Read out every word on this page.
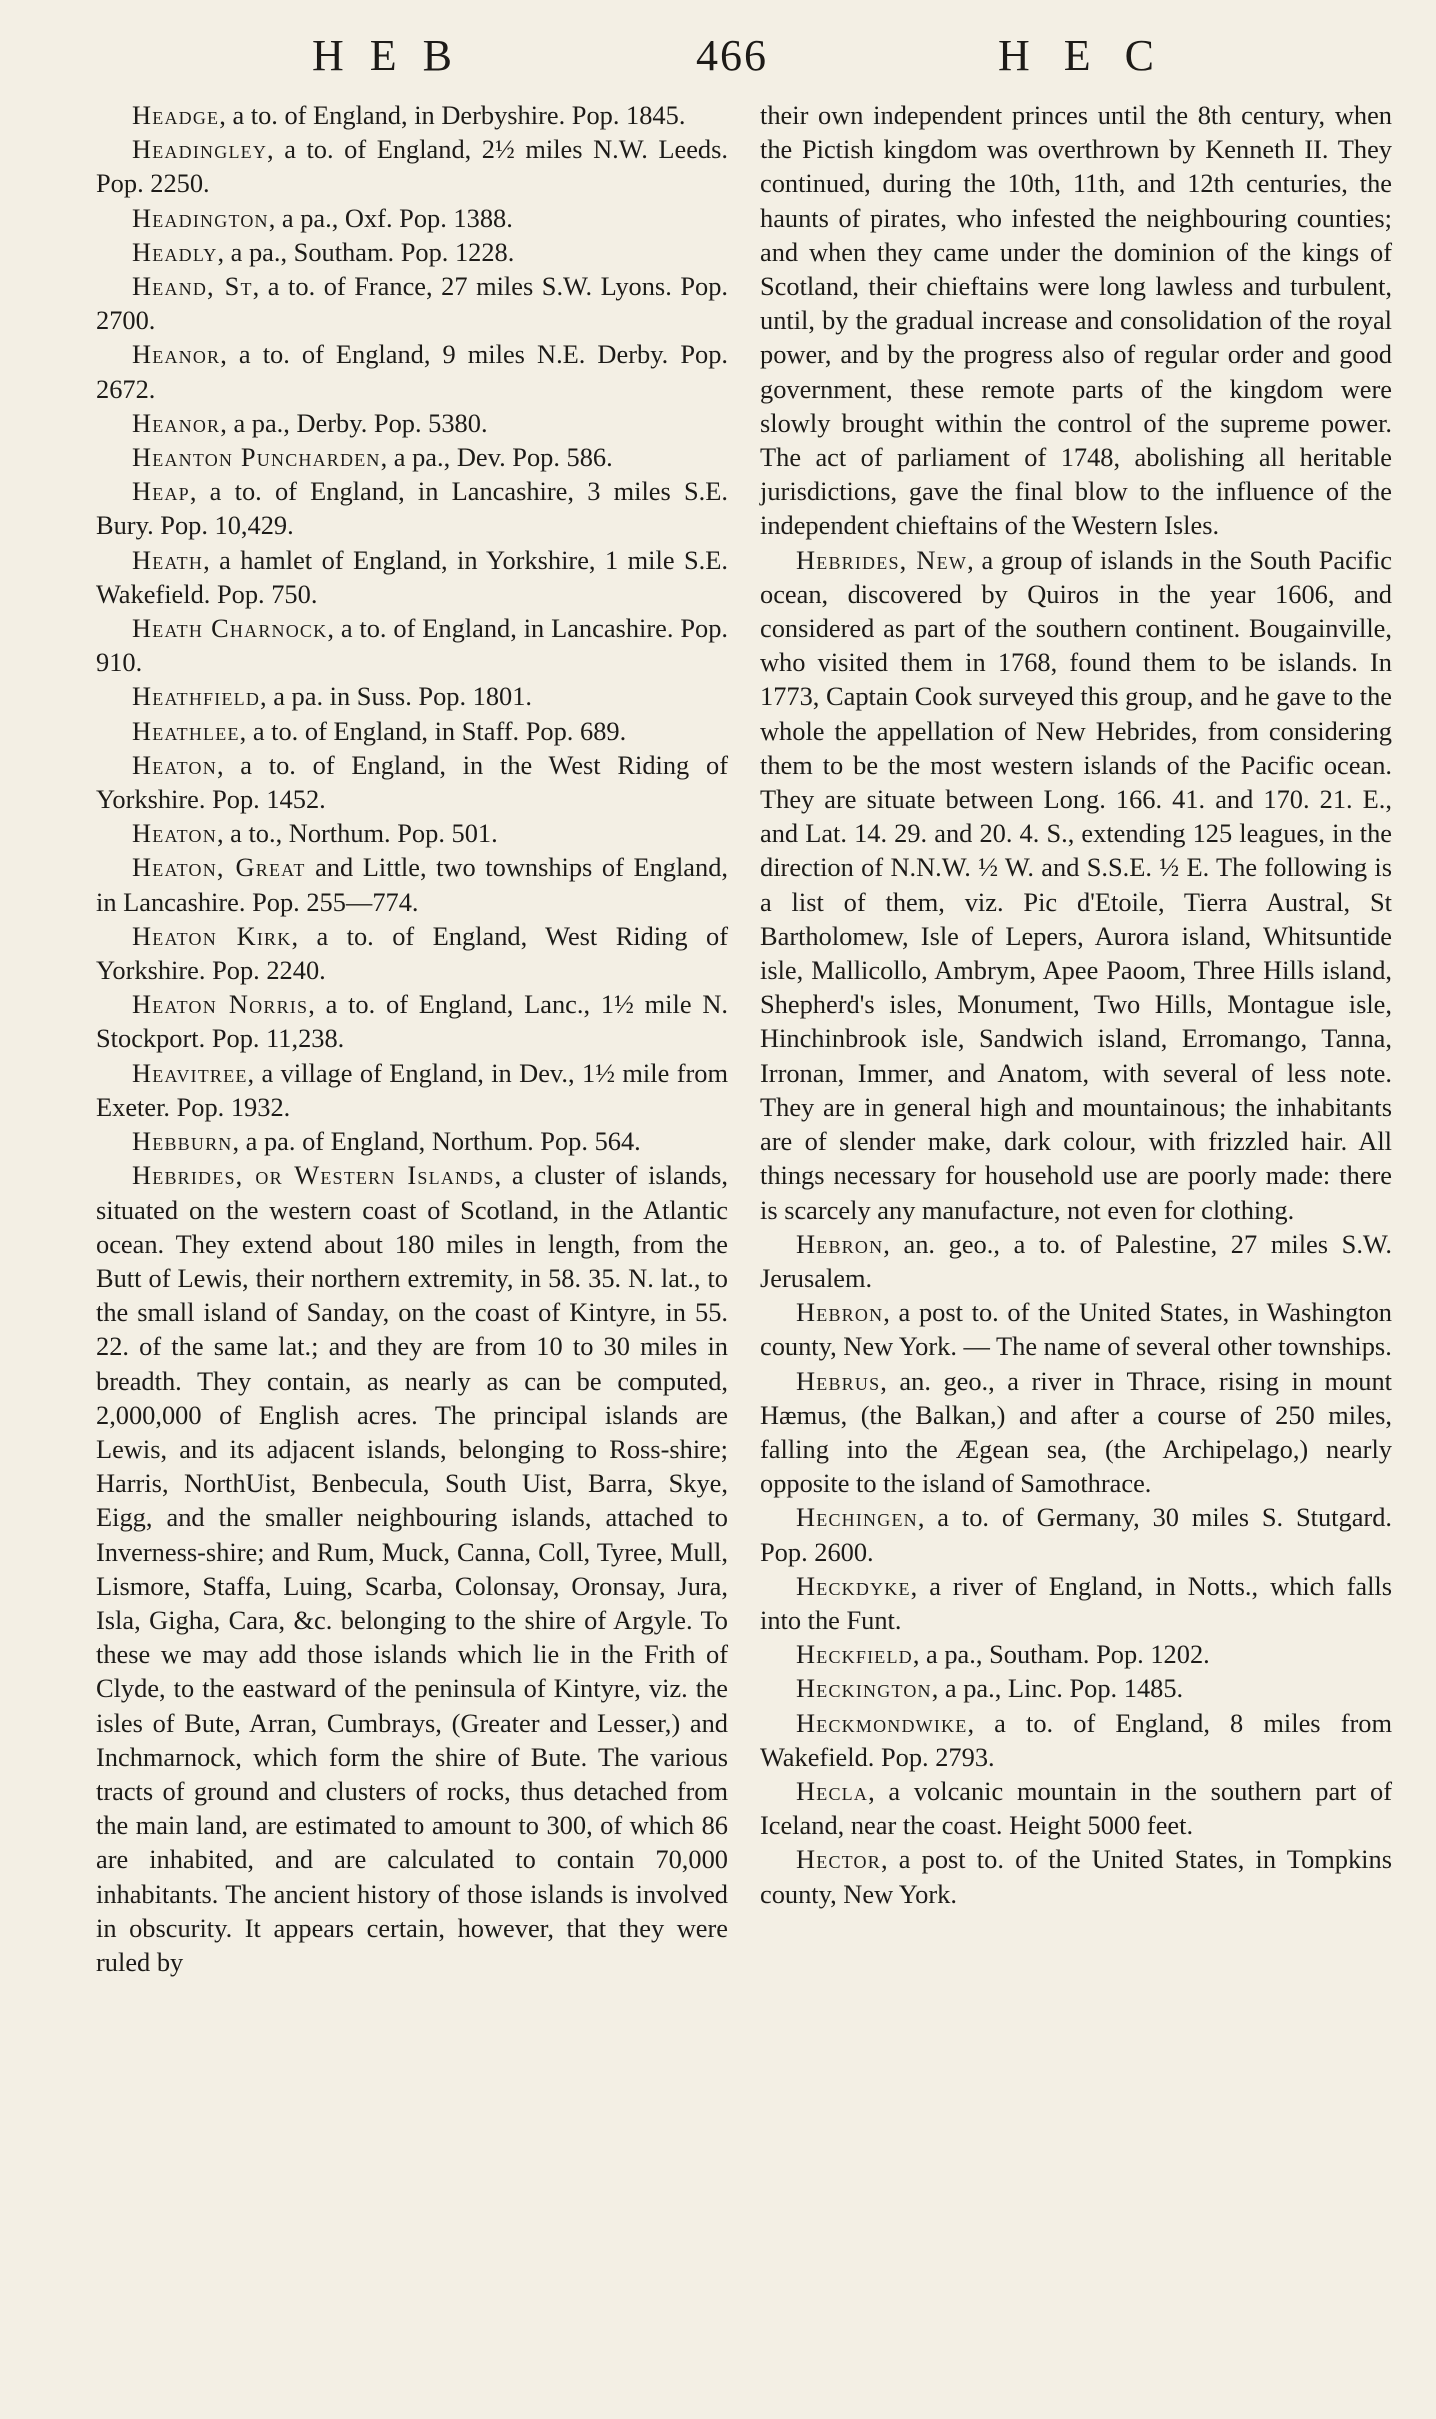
HEB	466	HEC

Headge, a to. of England, in Derbyshire. Pop. 1845.

Headingley, a to. of England, 2½ miles N.W. Leeds. Pop. 2250.

Headington, a pa., Oxf. Pop. 1388.

Headly, a pa., Southam. Pop. 1228.

Heand, St, a to. of France, 27 miles S.W. Lyons. Pop. 2700.

Heanor, a to. of England, 9 miles N.E. Derby. Pop. 2672.

Heanor, a pa., Derby. Pop. 5380.

Heanton Puncharden, a pa., Dev. Pop. 586.

Heap, a to. of England, in Lancashire, 3 miles S.E. Bury. Pop. 10,429.

Heath, a hamlet of England, in Yorkshire, 1 mile S.E. Wakefield. Pop. 750.

Heath Charnock, a to. of England, in Lancashire. Pop. 910.

Heathfield, a pa. in Suss. Pop. 1801.

Heathlee, a to. of England, in Staff. Pop. 689.

Heaton, a to. of England, in the West Riding of Yorkshire. Pop. 1452.

Heaton, a to., Northum. Pop. 501.

Heaton, Great and Little, two townships of England, in Lancashire. Pop. 255—774.

Heaton Kirk, a to. of England, West Riding of Yorkshire. Pop. 2240.

Heaton Norris, a to. of England, Lanc., 1½ mile N. Stockport. Pop. 11,238.

Heavitree, a village of England, in Dev., 1½ mile from Exeter. Pop. 1932.

Hebburn, a pa. of England, Northum. Pop. 564.

Hebrides, or Western Islands, a cluster of islands, situated on the western coast of Scotland, in the Atlantic ocean. They extend about 180 miles in length, from the Butt of Lewis, their northern extremity, in 58. 35. N. lat., to the small island of Sanday, on the coast of Kintyre, in 55. 22. of the same lat.; and they are from 10 to 30 miles in breadth. They contain, as nearly as can be computed, 2,000,000 of English acres. The principal islands are Lewis, and its adjacent islands, belonging to Ross-shire; Harris, NorthUist, Benbecula, South Uist, Barra, Skye, Eigg, and the smaller neighbouring islands, attached to Inverness-shire; and Rum, Muck, Canna, Coll, Tyree, Mull, Lismore, Staffa, Luing, Scarba, Colonsay, Oronsay, Jura, Isla, Gigha, Cara, &c. belonging to the shire of Argyle. To these we may add those islands which lie in the Frith of Clyde, to the eastward of the peninsula of Kintyre, viz. the isles of Bute, Arran, Cumbrays, (Greater and Lesser,) and Inchmarnock, which form the shire of Bute. The various tracts of ground and clusters of rocks, thus detached from the main land, are estimated to amount to 300, of which 86 are inhabited, and are calculated to contain 70,000 inhabitants. The ancient history of those islands is involved in obscurity. It appears certain, however, that they were ruled by

their own independent princes until the 8th century, when the Pictish kingdom was overthrown by Kenneth II. They continued, during the 10th, 11th, and 12th centuries, the haunts of pirates, who infested the neighbouring counties; and when they came under the dominion of the kings of Scotland, their chieftains were long lawless and turbulent, until, by the gradual increase and consolidation of the royal power, and by the progress also of regular order and good government, these remote parts of the kingdom were slowly brought within the control of the supreme power. The act of parliament of 1748, abolishing all heritable jurisdictions, gave the final blow to the influence of the independent chieftains of the Western Isles.

Hebrides, New, a group of islands in the South Pacific ocean, discovered by Quiros in the year 1606, and considered as part of the southern continent. Bougainville, who visited them in 1768, found them to be islands. In 1773, Captain Cook surveyed this group, and he gave to the whole the appellation of New Hebrides, from considering them to be the most western islands of the Pacific ocean. They are situate between Long. 166. 41. and 170. 21. E., and Lat. 14. 29. and 20. 4. S., extending 125 leagues, in the direction of N.N.W. ½ W. and S.S.E. ½ E. The following is a list of them, viz. Pic d'Etoile, Tierra Austral, St Bartholomew, Isle of Lepers, Aurora island, Whitsuntide isle, Mallicollo, Ambrym, Apee Paoom, Three Hills island, Shepherd's isles, Monument, Two Hills, Montague isle, Hinchinbrook isle, Sandwich island, Erromango, Tanna, Irronan, Immer, and Anatom, with several of less note. They are in general high and mountainous; the inhabitants are of slender make, dark colour, with frizzled hair. All things necessary for household use are poorly made: there is scarcely any manufacture, not even for clothing.

Hebron, an. geo., a to. of Palestine, 27 miles S.W. Jerusalem.

Hebron, a post to. of the United States, in Washington county, New York. — The name of several other townships.

Hebrus, an. geo., a river in Thrace, rising in mount Hæmus, (the Balkan,) and after a course of 250 miles, falling into the Ægean sea, (the Archipelago,) nearly opposite to the island of Samothrace.

Hechingen, a to. of Germany, 30 miles S. Stutgard. Pop. 2600.

Heckdyke, a river of England, in Notts., which falls into the Funt.

Heckfield, a pa., Southam. Pop. 1202.

Heckington, a pa., Linc. Pop. 1485.

Heckmondwike, a to. of England, 8 miles from Wakefield. Pop. 2793.

Hecla, a volcanic mountain in the southern part of Iceland, near the coast. Height 5000 feet.

Hector, a post to. of the United States, in Tompkins county, New York.
